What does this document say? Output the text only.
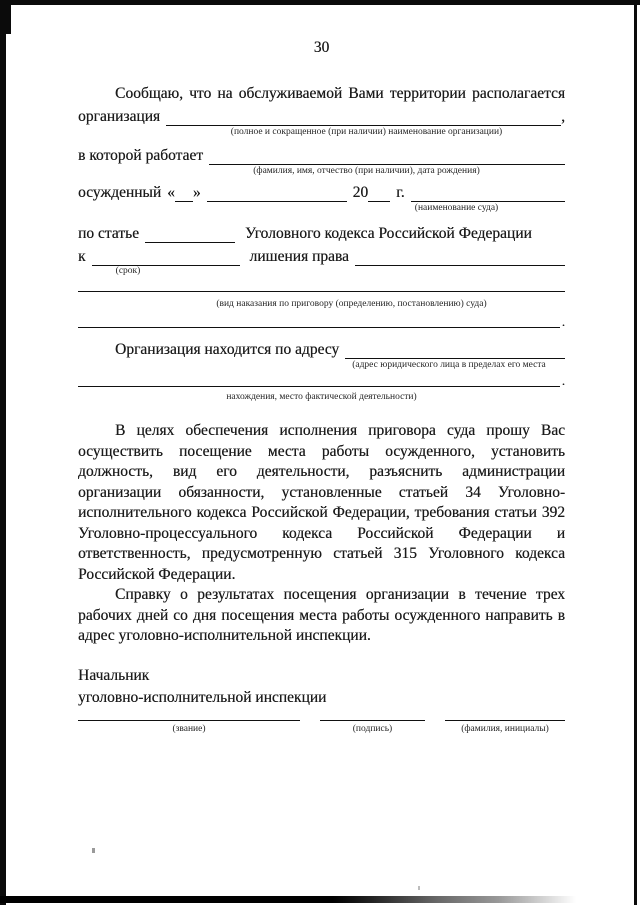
30
Сообщаю, что на обслуживаемой Вами территории располагается
организация	,
(полное и сокращенное (при наличии) наименование организации)
в которой работает
(фамилия, имя, отчество (при наличии), дата рождения)
осужденный « »	20 г.
(наименование суда)
по статье	Уголовного кодекса Российской Федерации
к	лишения права
(срок)
(вид наказания по приговору (определению, постановлению) суда)
.
Организация находится по адресу
(адрес юридического лица в пределах его места
.
нахождения, место фактической деятельности)

В целях обеспечения исполнения приговора суда прошу Вас осуществить посещение места работы осужденного, установить должность, вид его деятельности, разъяснить администрации организации обязанности, установленные статьей 34 Уголовно-исполнительного кодекса Российской Федерации, требования статьи 392 Уголовно-процессуального кодекса Российской Федерации и ответственность, предусмотренную статьей 315 Уголовного кодекса Российской Федерации.

Справку о результатах посещения организации в течение трех рабочих дней со дня посещения места работы осужденного направить в адрес уголовно-исполнительной инспекции.

Начальник
уголовно-исполнительной инспекции
(звание)	(подпись)	(фамилия, инициалы)
